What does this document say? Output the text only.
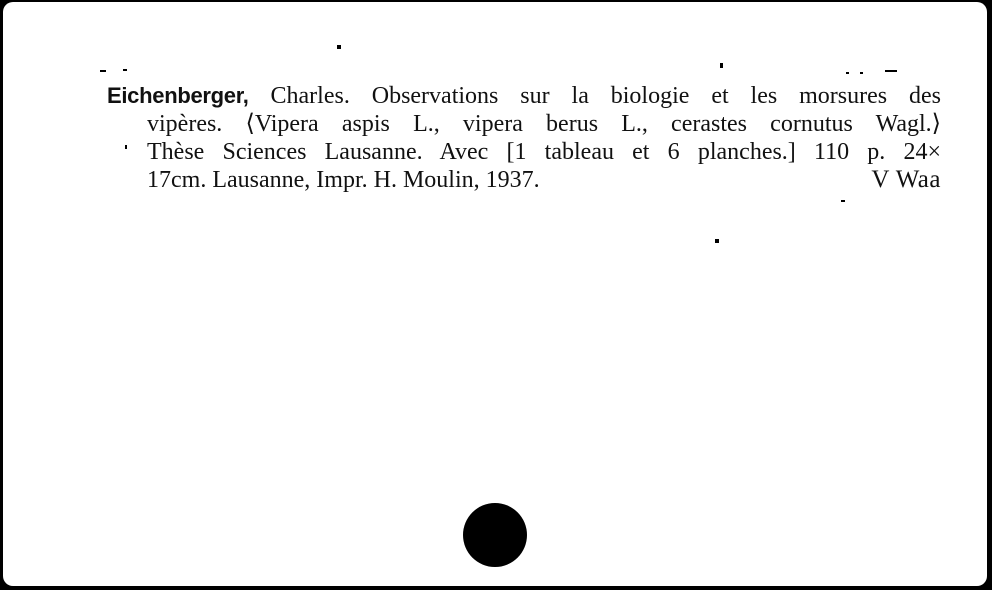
Eichenberger, Charles. Observations sur la biologie et les morsures des
vipères. ⟨Vipera aspis L., vipera berus L., cerastes cornutus Wagl.⟩
Thèse Sciences Lausanne. Avec [1 tableau et 6 planches.] 110 p. 24×
17cm. Lausanne, Impr. H. Moulin, 1937.	V Waa
